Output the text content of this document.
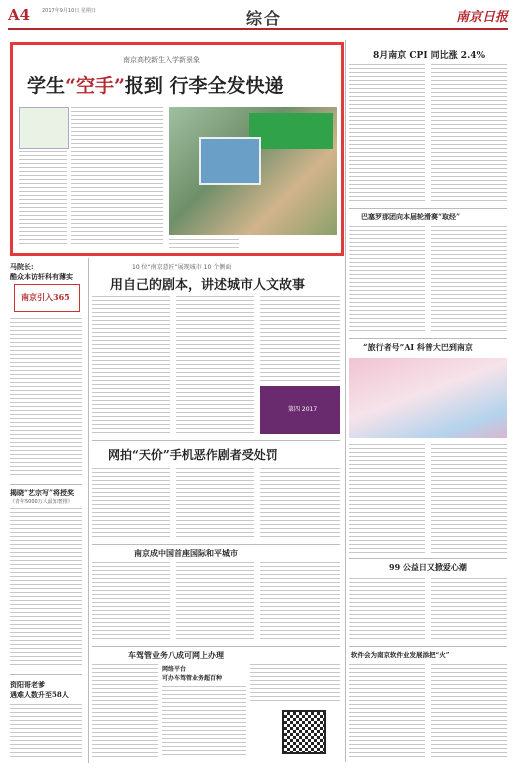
A4 2017年9月10日 星期日	综合	南京日报
南京高校新生入学新景象
学生“空手”报到 行李全发快递
马院长:
酷众本访轩科有薄实
南京引入365
揭晓“艺宗写”将授奖
《青年5000万人最知奢推》
资阳哥老爹
遇难人数升至58人
10 位“南京意匠”展现城市 10 个侧面
用自己的剧本，讲述城市人文故事
第四 2017
网拍“天价”手机恶作剧者受处罚
南京成中国首座国际和平城市
车驾管业务八成可网上办理
网络平台
可办车驾管业务超百种
8月南京 CPI 同比涨 2.4%
巴塞罗那团向本届轮滑赛“取经”
“旅行者号”AI 科普大巴到南京
99 公益日又掀爱心潮
软件会为南京软件业发展添把“火”
